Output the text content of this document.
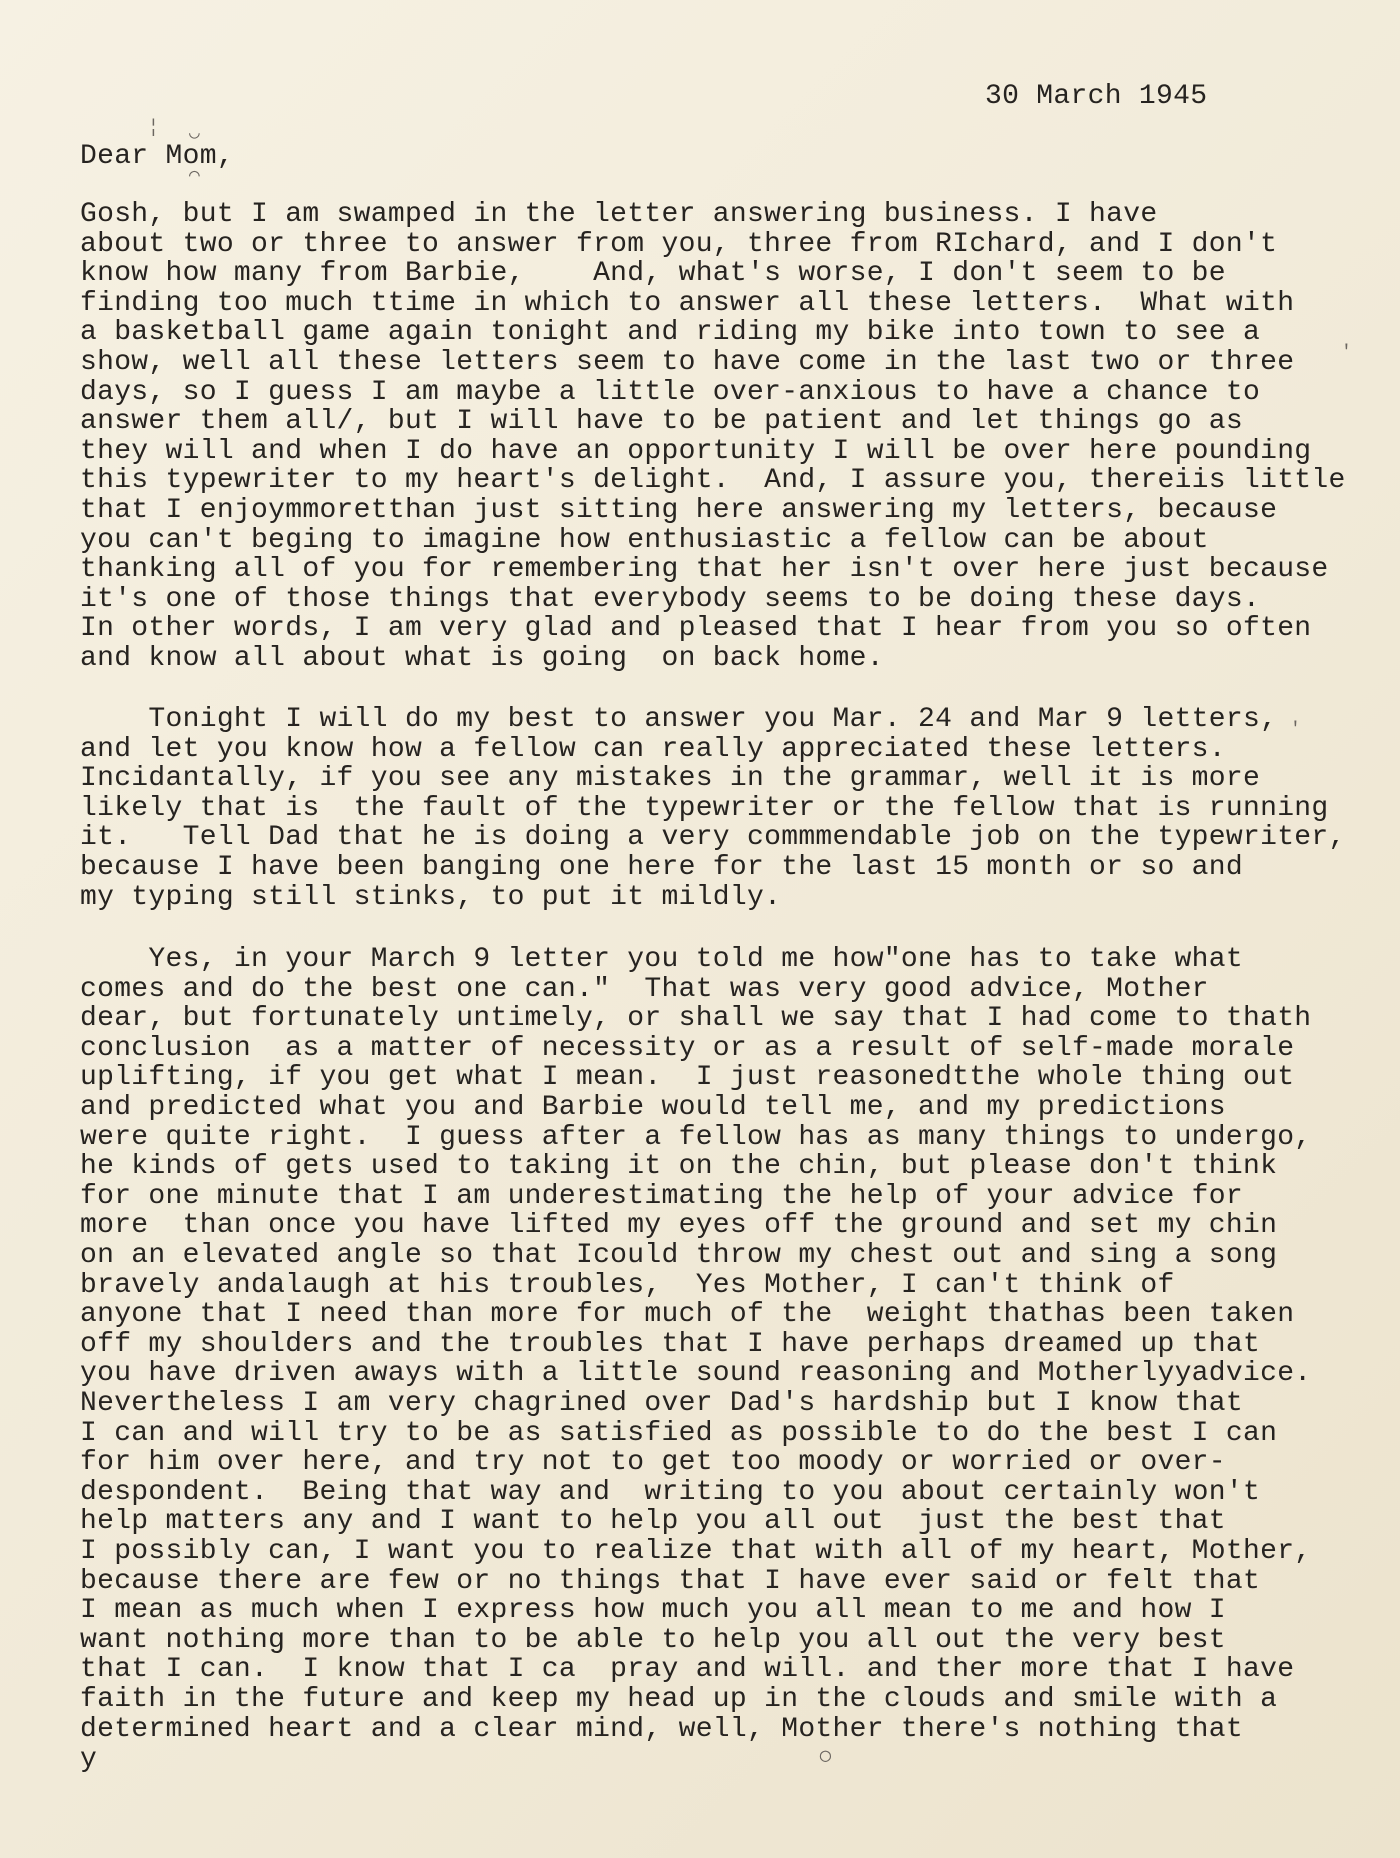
30 March 1945
Dear Mom,
Gosh, but I am swamped in the letter answering business. I have
about two or three to answer from you, three from RIchard, and I don't
know how many from Barbie,    And, what's worse, I don't seem to be
finding too much ttime in which to answer all these letters.  What with
a basketball game again tonight and riding my bike into town to see a
show, well all these letters seem to have come in the last two or three
days, so I guess I am maybe a little over-anxious to have a chance to
answer them all/, but I will have to be patient and let things go as
they will and when I do have an opportunity I will be over here pounding
this typewriter to my heart's delight.  And, I assure you, thereiis little
that I enjoymmoretthan just sitting here answering my letters, because
you can't beging to imagine how enthusiastic a fellow can be about
thanking all of you for remembering that her isn't over here just because
it's one of those things that everybody seems to be doing these days.
In other words, I am very glad and pleased that I hear from you so often
and know all about what is going  on back home.
Tonight I will do my best to answer you Mar. 24 and Mar 9 letters,
and let you know how a fellow can really appreciated these letters.
Incidantally, if you see any mistakes in the grammar, well it is more
likely that is  the fault of the typewriter or the fellow that is running
it.   Tell Dad that he is doing a very commmendable job on the typewriter,
because I have been banging one here for the last 15 month or so and
my typing still stinks, to put it mildly.
Yes, in your March 9 letter you told me how"one has to take what
comes and do the best one can."  That was very good advice, Mother
dear, but fortunately untimely, or shall we say that I had come to thath
conclusion  as a matter of necessity or as a result of self-made morale
uplifting, if you get what I mean.  I just reasonedtthe whole thing out
and predicted what you and Barbie would tell me, and my predictions
were quite right.  I guess after a fellow has as many things to undergo,
he kinds of gets used to taking it on the chin, but please don't think
for one minute that I am underestimating the help of your advice for
more  than once you have lifted my eyes off the ground and set my chin
on an elevated angle so that Icould throw my chest out and sing a song
bravely andalaugh at his troubles,  Yes Mother, I can't think of
anyone that I need than more for much of the  weight thathas been taken
off my shoulders and the troubles that I have perhaps dreamed up that
you have driven aways with a little sound reasoning and Motherlyyadvice.
Nevertheless I am very chagrined over Dad's hardship but I know that
I can and will try to be as satisfied as possible to do the best I can
for him over here, and try not to get too moody or worried or over-
despondent.  Being that way and  writing to you about certainly won't
help matters any and I want to help you all out  just the best that
I possibly can, I want you to realize that with all of my heart, Mother,
because there are few or no things that I have ever said or felt that
I mean as much when I express how much you all mean to me and how I
want nothing more than to be able to help you all out the very best
that I can.  I know that I ca  pray and will. and ther more that I have
faith in the future and keep my head up in the clouds and smile with a
determined heart and a clear mind, well, Mother there's nothing that
y
¦ ◡
◠
′
′
◯
